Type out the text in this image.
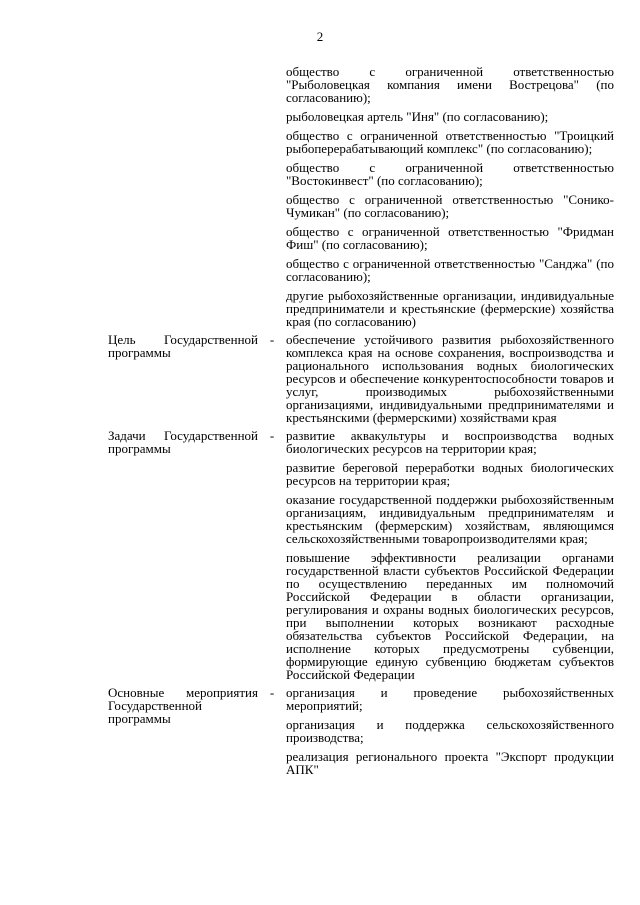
2
общество с ограниченной ответственностью "Рыболовецкая компания имени Вострецова" (по согласованию);
рыболовецкая артель "Иня" (по согласованию);
общество с ограниченной ответственностью "Троицкий рыбоперерабатывающий комплекс" (по согласованию);
общество с ограниченной ответственностью "Востокинвест" (по согласованию);
общество с ограниченной ответственностью "Сонико-Чумикан" (по согласованию);
общество с ограниченной ответственностью "Фридман Фиш" (по согласованию);
общество с ограниченной ответственностью "Санджа" (по согласованию);
другие рыбохозяйственные организации, индивидуальные предприниматели и крестьянские (фермерские) хозяйства края (по согласованию)
Цель Государственной программы
- обеспечение устойчивого развития рыбохозяйственного комплекса края на основе сохранения, воспроизводства и рационального использования водных биологических ресурсов и обеспечение конкурентоспособности товаров и услуг, производимых рыбохозяйственными организациями, индивидуальными предпринимателями и крестьянскими (фермерскими) хозяйствами края
Задачи Государственной программы
- развитие аквакультуры и воспроизводства водных биологических ресурсов на территории края;
развитие береговой переработки водных биологических ресурсов на территории края;
оказание государственной поддержки рыбохозяйственным организациям, индивидуальным предпринимателям и крестьянским (фермерским) хозяйствам, являющимся сельскохозяйственными товаропроизводителями края;
повышение эффективности реализации органами государственной власти субъектов Российской Федерации по осуществлению переданных им полномочий Российской Федерации в области организации, регулирования и охраны водных биологических ресурсов, при выполнении которых возникают расходные обязательства субъектов Российской Федерации, на исполнение которых предусмотрены субвенции, формирующие единую субвенцию бюджетам субъектов Российской Федерации
Основные мероприятия Государственной программы
- организация и проведение рыбохозяйственных мероприятий;
организация и поддержка сельскохозяйственного производства;
реализация регионального проекта "Экспорт продукции АПК"
